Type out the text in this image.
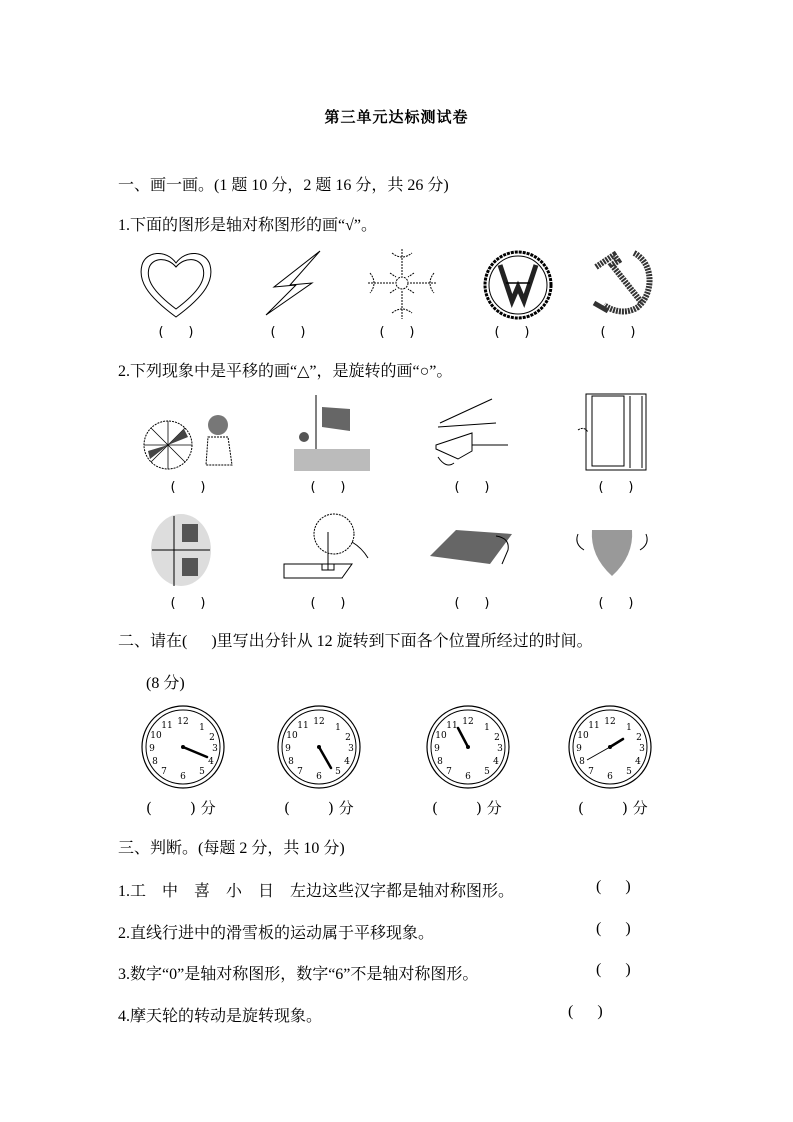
第三单元达标测试卷
一、画一画。(1 题 10 分，2 题 16 分，共 26 分)
1.下面的图形是轴对称图形的画“√”。
(      )	(      )	(      )	(      )	(      )
2.下列现象中是平移的画“△”，是旋转的画“○”。
(      )	(      )	(      )	(      )
(      )	(      )	(      )	(      )
二、请在(      )里写出分针从 12 旋转到下面各个位置所经过的时间。
(8 分)
12
1
2
3
4
5
6
7
8
9
10
11	12
1
2
3
4
5
6
7
8
9
10
11	12
1
2
3
4
5
6
7
8
9
10
11	12
1
2
3
4
5
6
7
8
9
10
11
(        ) 分	(        ) 分	(        ) 分	(        ) 分
三、判断。(每题 2 分，共 10 分)
1.工    中    喜    小    日    左边这些汉字都是轴对称图形。	(      )
2.直线行进中的滑雪板的运动属于平移现象。	(      )
3.数字“0”是轴对称图形，数字“6”不是轴对称图形。	(      )
4.摩天轮的转动是旋转现象。	(      )
